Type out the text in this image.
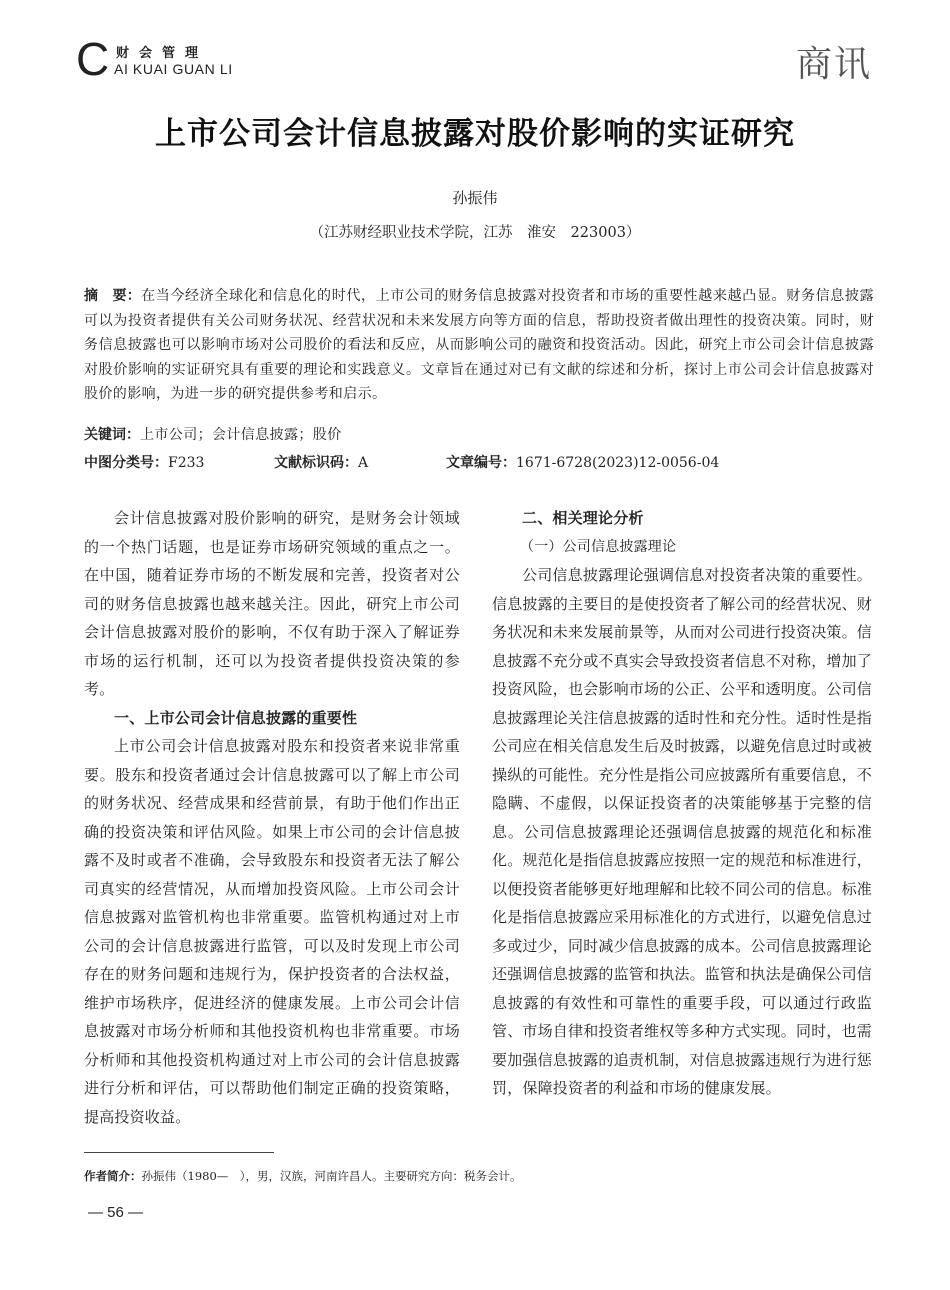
C 财会管理
AI KUAI GUAN LI	商讯
上市公司会计信息披露对股价影响的实证研究
孙振伟
（江苏财经职业技术学院，江苏　淮安　223003）
摘　要：在当今经济全球化和信息化的时代，上市公司的财务信息披露对投资者和市场的重要性越来越凸显。财务信息披露可以为投资者提供有关公司财务状况、经营状况和未来发展方向等方面的信息，帮助投资者做出理性的投资决策。同时，财务信息披露也可以影响市场对公司股价的看法和反应，从而影响公司的融资和投资活动。因此，研究上市公司会计信息披露对股价影响的实证研究具有重要的理论和实践意义。文章旨在通过对已有文献的综述和分析，探讨上市公司会计信息披露对股价的影响，为进一步的研究提供参考和启示。
关键词：上市公司；会计信息披露；股价
中图分类号：F233	文献标识码：A	文章编号：1671-6728(2023)12-0056-04

会计信息披露对股价影响的研究，是财务会计领域的一个热门话题，也是证券市场研究领域的重点之一。在中国，随着证券市场的不断发展和完善，投资者对公司的财务信息披露也越来越关注。因此，研究上市公司会计信息披露对股价的影响，不仅有助于深入了解证券市场的运行机制，还可以为投资者提供投资决策的参考。

一、上市公司会计信息披露的重要性

上市公司会计信息披露对股东和投资者来说非常重要。股东和投资者通过会计信息披露可以了解上市公司的财务状况、经营成果和经营前景，有助于他们作出正确的投资决策和评估风险。如果上市公司的会计信息披露不及时或者不准确，会导致股东和投资者无法了解公司真实的经营情况，从而增加投资风险。上市公司会计信息披露对监管机构也非常重要。监管机构通过对上市公司的会计信息披露进行监管，可以及时发现上市公司存在的财务问题和违规行为，保护投资者的合法权益，维护市场秩序，促进经济的健康发展。上市公司会计信息披露对市场分析师和其他投资机构也非常重要。市场分析师和其他投资机构通过对上市公司的会计信息披露进行分析和评估，可以帮助他们制定正确的投资策略，提高投资收益。

二、相关理论分析
（一）公司信息披露理论

公司信息披露理论强调信息对投资者决策的重要性。信息披露的主要目的是使投资者了解公司的经营状况、财务状况和未来发展前景等，从而对公司进行投资决策。信息披露不充分或不真实会导致投资者信息不对称，增加了投资风险，也会影响市场的公正、公平和透明度。公司信息披露理论关注信息披露的适时性和充分性。适时性是指公司应在相关信息发生后及时披露，以避免信息过时或被操纵的可能性。充分性是指公司应披露所有重要信息，不隐瞒、不虚假，以保证投资者的决策能够基于完整的信息。公司信息披露理论还强调信息披露的规范化和标准化。规范化是指信息披露应按照一定的规范和标准进行，以便投资者能够更好地理解和比较不同公司的信息。标准化是指信息披露应采用标准化的方式进行，以避免信息过多或过少，同时减少信息披露的成本。公司信息披露理论还强调信息披露的监管和执法。监管和执法是确保公司信息披露的有效性和可靠性的重要手段，可以通过行政监管、市场自律和投资者维权等多种方式实现。同时，也需要加强信息披露的追责机制，对信息披露违规行为进行惩罚，保障投资者的利益和市场的健康发展。

作者简介：孙振伟（1980—　），男，汉族，河南许昌人。主要研究方向：税务会计。
— 56 —
